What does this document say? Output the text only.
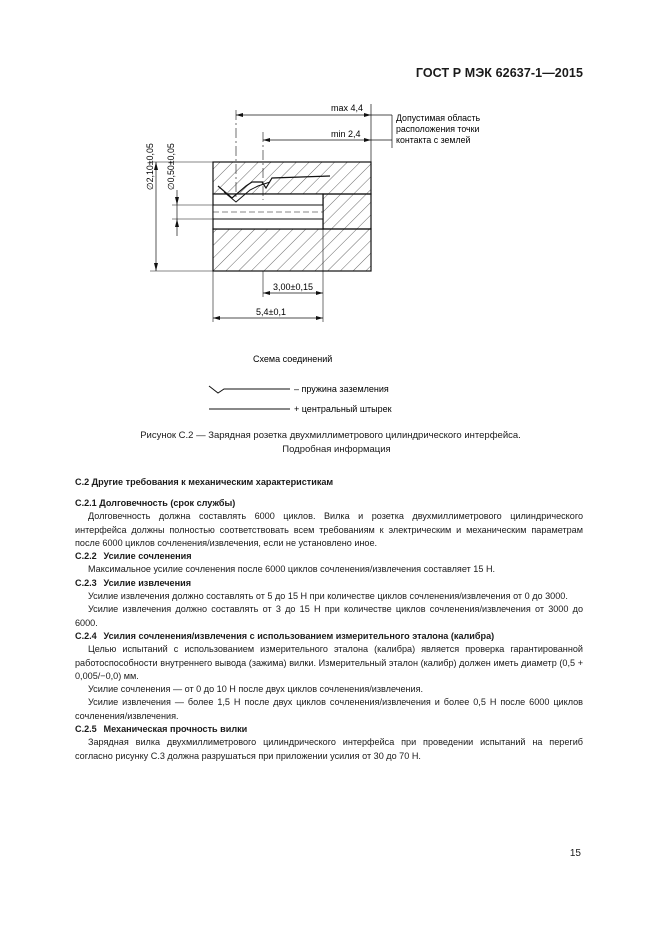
ГОСТ Р МЭК 62637-1—2015
max 4,4
min 2,4
Допустимая область
расположения точки
контакта с землей
∅2,10±0,05 ∅0,50±0,05
3,00±0,15
5,4±0,1
Схема соединений
– пружина заземления
+ центральный штырек
Рисунок С.2 — Зарядная розетка двухмиллиметрового цилиндрического интерфейса.
Подробная информация

С.2 Другие требования к механическим характеристикам

С.2.1 Долговечность (срок службы)

Долговечность должна составлять 6000 циклов. Вилка и розетка двухмиллиметрового цилиндрического интерфейса должны полностью соответствовать всем требованиям к электрическим и механическим параметрам после 6000 циклов сочленения/извлечения, если не установлено иное.

С.2.2 Усилие сочленения

Максимальное усилие сочленения после 6000 циклов сочленения/извлечения составляет 15 Н.

С.2.3 Усилие извлечения

Усилие извлечения должно составлять от 5 до 15 Н при количестве циклов сочленения/извлечения от 0 до 3000.

Усилие извлечения должно составлять от 3 до 15 Н при количестве циклов сочленения/извлечения от 3000 до 6000.

С.2.4 Усилия сочленения/извлечения с использованием измерительного эталона (калибра)

Целью испытаний с использованием измерительного эталона (калибра) является проверка гарантированной работоспособности внутреннего вывода (зажима) вилки. Измерительный эталон (калибр) должен иметь диаметр (0,5 + 0,005/−0,0) мм.

Усилие сочленения — от 0 до 10 Н после двух циклов сочленения/извлечения.

Усилие извлечения — более 1,5 Н после двух циклов сочленения/извлечения и более 0,5 Н после 6000 циклов сочленения/извлечения.

С.2.5 Механическая прочность вилки

Зарядная вилка двухмиллиметрового цилиндрического интерфейса при проведении испытаний на перегиб согласно рисунку С.3 должна разрушаться при приложении усилия от 30 до 70 Н.

15
